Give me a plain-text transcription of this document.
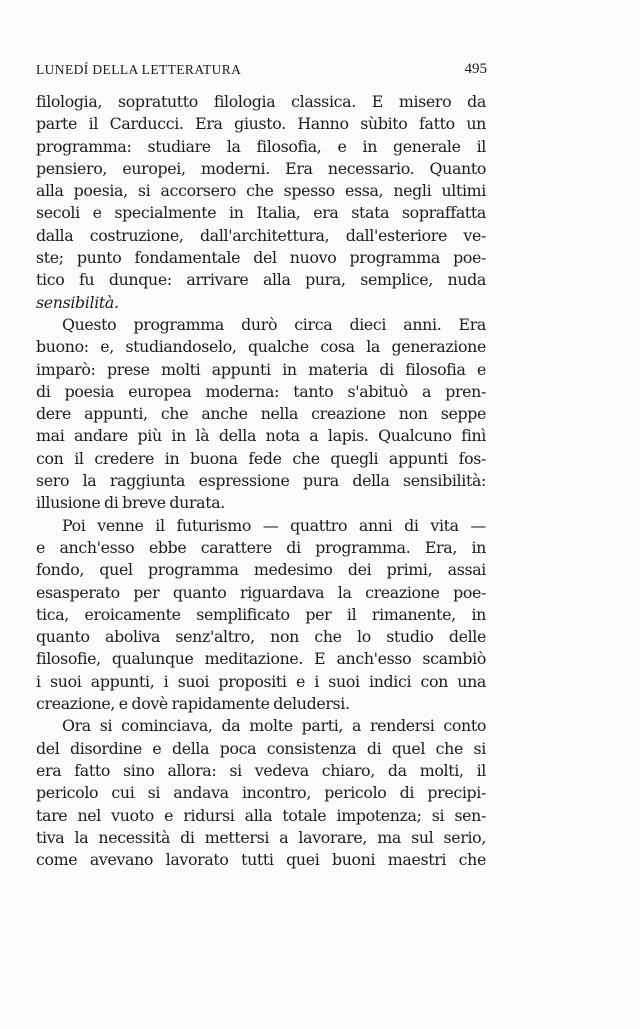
LUNEDÍ DELLA LETTERATURA	495
filologia, sopratutto filologia classica. E misero da
parte il Carducci. Era giusto. Hanno sùbito fatto un
programma: studiare la filosofia, e in generale il
pensiero, europei, moderni. Era necessario. Quanto
alla poesia, si accorsero che spesso essa, negli ultimi
secoli e specialmente in Italia, era stata sopraffatta
dalla costruzione, dall'architettura, dall'esteriore ve-
ste; punto fondamentale del nuovo programma poe-
tico fu dunque: arrivare alla pura, semplice, nuda
sensibilità.
Questo programma durò circa dieci anni. Era
buono: e, studiandoselo, qualche cosa la generazione
imparò: prese molti appunti in materia di filosofia e
di poesia europea moderna: tanto s'abituò a pren-
dere appunti, che anche nella creazione non seppe
mai andare più in là della nota a lapis. Qualcuno finì
con il credere in buona fede che quegli appunti fos-
sero la raggiunta espressione pura della sensibilità:
illusione di breve durata.
Poi venne il futurismo — quattro anni di vita —
e anch'esso ebbe carattere di programma. Era, in
fondo, quel programma medesimo dei primi, assai
esasperato per quanto riguardava la creazione poe-
tica, eroicamente semplificato per il rimanente, in
quanto aboliva senz'altro, non che lo studio delle
filosofie, qualunque meditazione. E anch'esso scambiò
i suoi appunti, i suoi propositi e i suoi indici con una
creazione, e dovè rapidamente deludersi.
Ora si cominciava, da molte parti, a rendersi conto
del disordine e della poca consistenza di quel che si
era fatto sino allora: si vedeva chiaro, da molti, il
pericolo cui si andava incontro, pericolo di precipi-
tare nel vuoto e ridursi alla totale impotenza; si sen-
tiva la necessità di mettersi a lavorare, ma sul serio,
come avevano lavorato tutti quei buoni maestri che
